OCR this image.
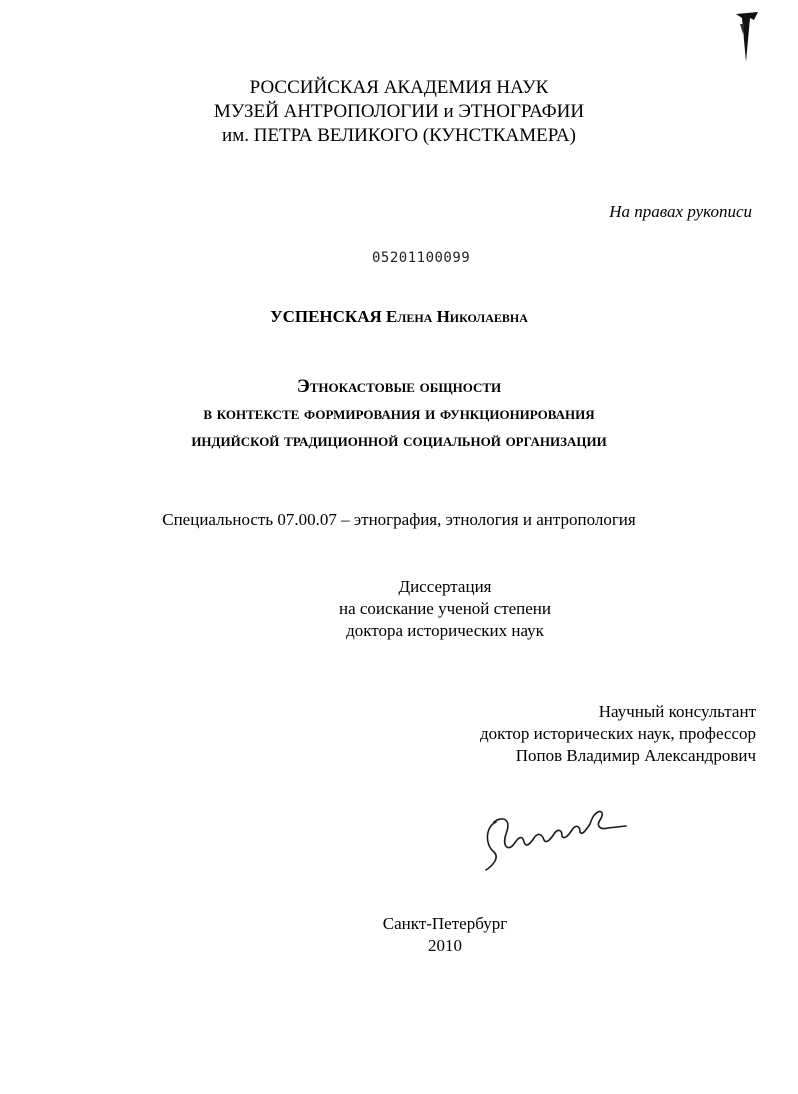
РОССИЙСКАЯ АКАДЕМИЯ НАУК
МУЗЕЙ АНТРОПОЛОГИИ и ЭТНОГРАФИИ
им. ПЕТРА ВЕЛИКОГО (КУНСТКАМЕРА)
На правах рукописи
05201100099
УСПЕНСКАЯ Елена Николаевна
Этнокастовые общности
в контексте формирования и функционирования
индийской традиционной социальной организации
Специальность 07.00.07 – этнография, этнология и антропология
Диссертация
на соискание ученой степени
доктора исторических наук
Научный консультант
доктор исторических наук, профессор
Попов Владимир Александрович
Санкт-Петербург
2010
